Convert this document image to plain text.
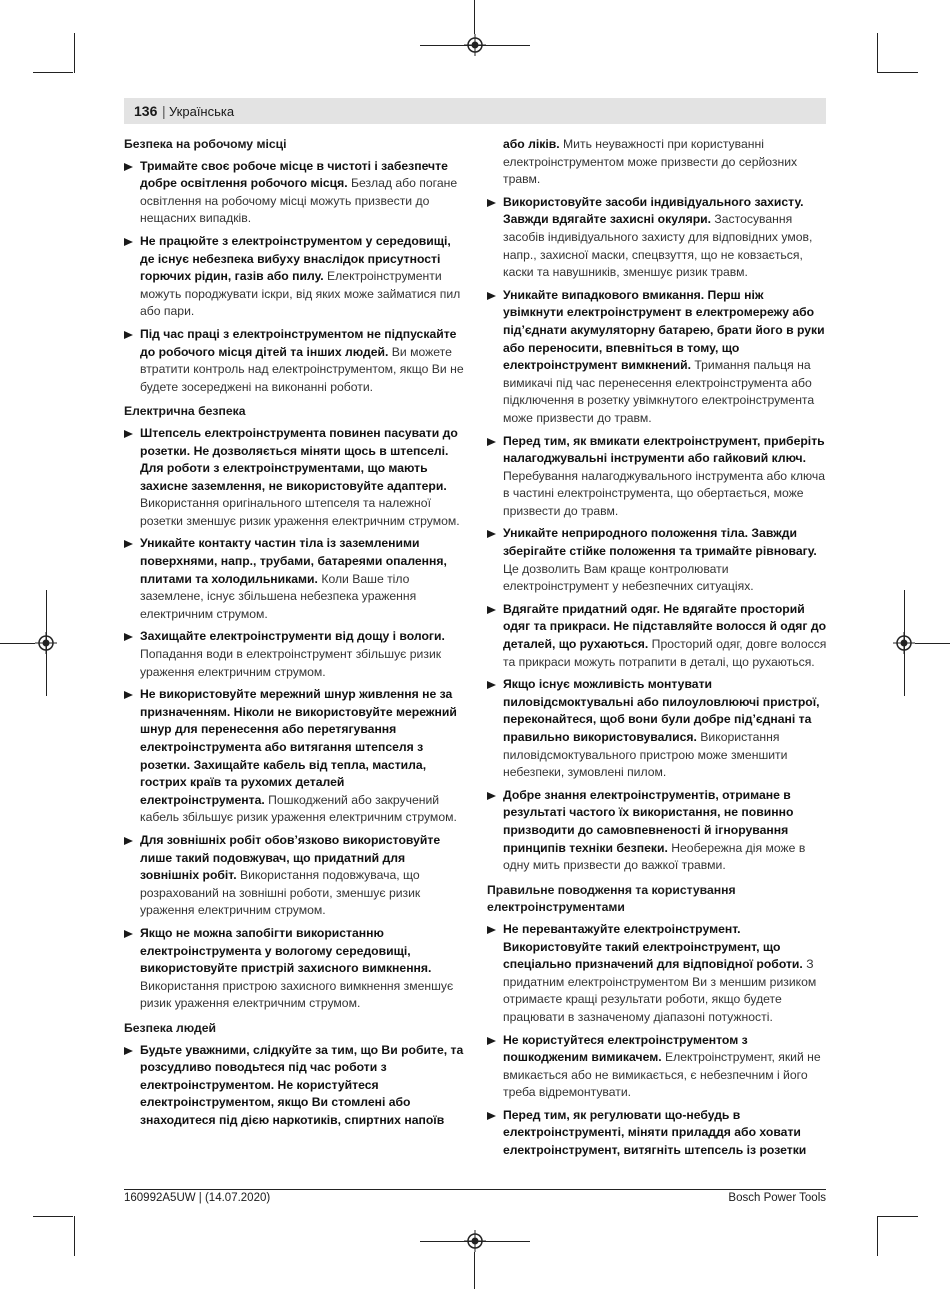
136 | Українська
Безпека на робочому місці
Тримайте своє робоче місце в чистоті і забезпечте добре освітлення робочого місця. Безлад або погане освітлення на робочому місці можуть призвести до нещасних випадків.
Не працюйте з електроінструментом у середовищі, де існує небезпека вибуху внаслідок присутності горючих рідин, газів або пилу. Електроінструменти можуть породжувати іскри, від яких може займатися пил або пари.
Під час праці з електроінструментом не підпускайте до робочого місця дітей та інших людей. Ви можете втратити контроль над електроінструментом, якщо Ви не будете зосереджені на виконанні роботи.
Електрична безпека
Штепсель електроінструмента повинен пасувати до розетки. Не дозволяється міняти щось в штепселі. Для роботи з електроінструментами, що мають захисне заземлення, не використовуйте адаптери. Використання оригінального штепселя та належної розетки зменшує ризик ураження електричним струмом.
Уникайте контакту частин тіла із заземленими поверхнями, напр., трубами, батареями опалення, плитами та холодильниками. Коли Ваше тіло заземлене, існує збільшена небезпека ураження електричним струмом.
Захищайте електроінструменти від дощу і вологи. Попадання води в електроінструмент збільшує ризик ураження електричним струмом.
Не використовуйте мережний шнур живлення не за призначенням. Ніколи не використовуйте мережний шнур для перенесення або перетягування електроінструмента або витягання штепселя з розетки. Захищайте кабель від тепла, мастила, гострих країв та рухомих деталей електроінструмента. Пошкоджений або закручений кабель збільшує ризик ураження електричним струмом.
Для зовнішніх робіт обов’язково використовуйте лише такий подовжувач, що придатний для зовнішніх робіт. Використання подовжувача, що розрахований на зовнішні роботи, зменшує ризик ураження електричним струмом.
Якщо не можна запобігти використанню електроінструмента у вологому середовищі, використовуйте пристрій захисного вимкнення. Використання пристрою захисного вимкнення зменшує ризик ураження електричним струмом.
Безпека людей
Будьте уважними, слідкуйте за тим, що Ви робите, та розсудливо поводьтеся під час роботи з електроінструментом. Не користуйтеся електроінструментом, якщо Ви стомлені або знаходитеся під дією наркотиків, спиртних напоїв
або ліків. Мить неуважності при користуванні електроінструментом може призвести до серйозних травм.
Використовуйте засоби індивідуального захисту. Завжди вдягайте захисні окуляри. Застосування засобів індивідуального захисту для відповідних умов, напр., захисної маски, спецвзуття, що не ковзається, каски та навушників, зменшує ризик травм.
Уникайте випадкового вмикання. Перш ніж увімкнути електроінструмент в електромережу або під’єднати акумуляторну батарею, брати його в руки або переносити, впевніться в тому, що електроінструмент вимкнений. Тримання пальця на вимикачі під час перенесення електроінструмента або підключення в розетку увімкнутого електроінструмента може призвести до травм.
Перед тим, як вмикати електроінструмент, приберіть налагоджувальні інструменти або гайковий ключ. Перебування налагоджувального інструмента або ключа в частині електроінструмента, що обертається, може призвести до травм.
Уникайте неприродного положення тіла. Завжди зберігайте стійке положення та тримайте рівновагу. Це дозволить Вам краще контролювати електроінструмент у небезпечних ситуаціях.
Вдягайте придатний одяг. Не вдягайте просторий одяг та прикраси. Не підставляйте волосся й одяг до деталей, що рухаються. Просторий одяг, довге волосся та прикраси можуть потрапити в деталі, що рухаються.
Якщо існує можливість монтувати пиловідсмоктувальні або пилоуловлюючі пристрої, переконайтеся, щоб вони були добре під’єднані та правильно використовувалися. Використання пиловідсмоктувального пристрою може зменшити небезпеки, зумовлені пилом.
Добре знання електроінструментів, отримане в результаті частого їх використання, не повинно призводити до самовпевненості й ігнорування принципів техніки безпеки. Необережна дія може в одну мить призвести до важкої травми.
Правильне поводження та користування електроінструментами
Не перевантажуйте електроінструмент. Використовуйте такий електроінструмент, що спеціально призначений для відповідної роботи. З придатним електроінструментом Ви з меншим ризиком отримаєте кращі результати роботи, якщо будете працювати в зазначеному діапазоні потужності.
Не користуйтеся електроінструментом з пошкодженим вимикачем. Електроінструмент, який не вмикається або не вимикається, є небезпечним і його треба відремонтувати.
Перед тим, як регулювати що-небудь в електроінструменті, міняти приладдя або ховати електроінструмент, витягніть штепсель із розетки
160992A5UW | (14.07.2020)	Bosch Power Tools
